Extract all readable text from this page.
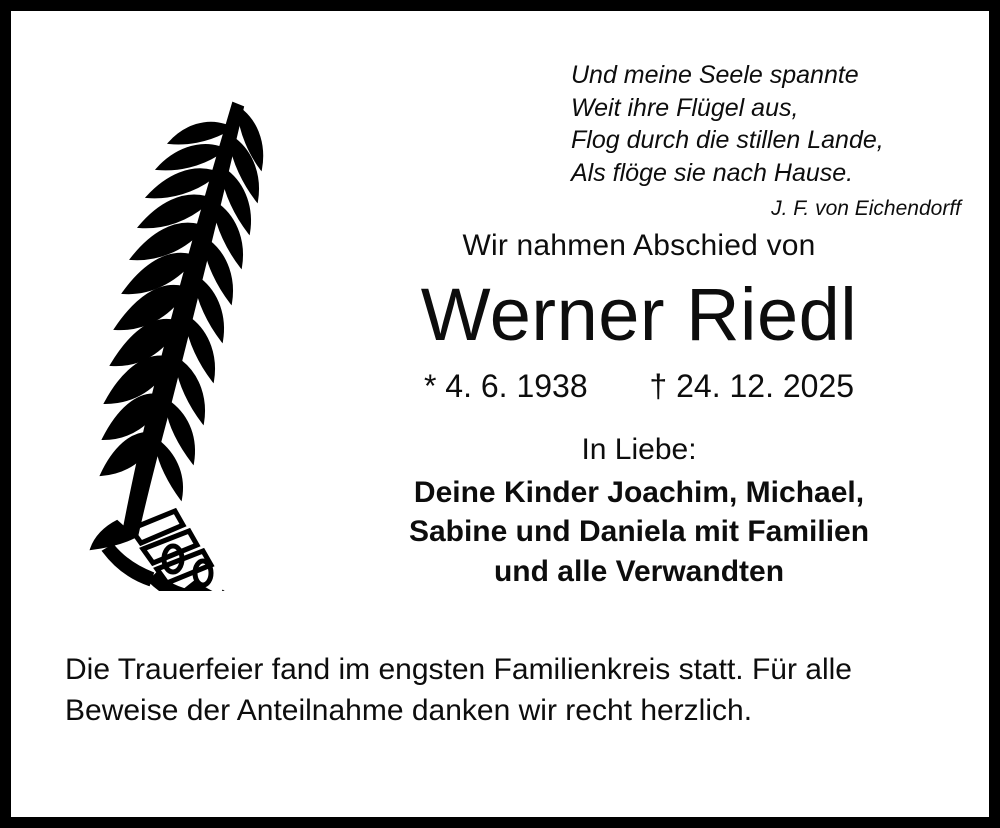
Und meine Seele spannte
Weit ihre Flügel aus,
Flog durch die stillen Lande,
Als flöge sie nach Hause.
J. F. von Eichendorff
Wir nahmen Abschied von
Werner Riedl
* 4. 6. 1938 † 24. 12. 2025
In Liebe:
Deine Kinder Joachim, Michael,
Sabine und Daniela mit Familien
und alle Verwandten
Die Trauerfeier fand im engsten Familienkreis statt. Für alle Beweise der Anteilnahme danken wir recht herzlich.
